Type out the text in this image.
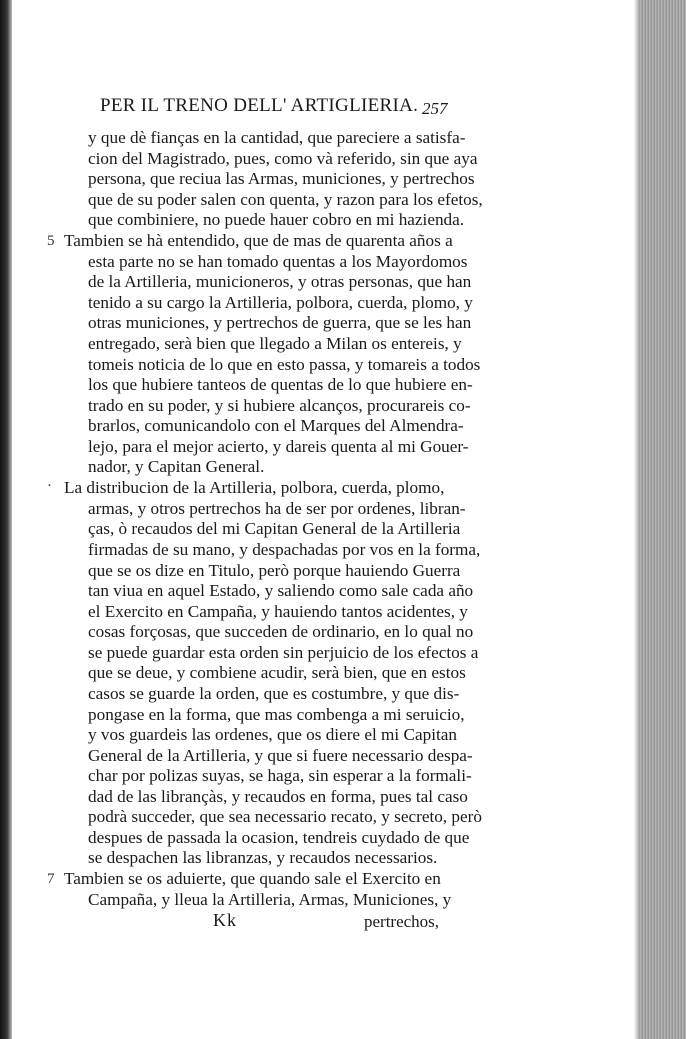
PER IL TRENO DELL' ARTIGLIERIA. 257
y que dè fianças en la cantidad, que pareciere a satisfa-
cion del Magistrado, pues, como và referido, sin que aya
persona, que reciua las Armas, municiones, y pertrechos
que de su poder salen con quenta, y razon para los efetos,
que combiniere, no puede hauer cobro en mi hazienda.
5 Tambien se hà entendido, que de mas de quarenta años a
esta parte no se han tomado quentas a los Mayordomos
de la Artilleria, municioneros, y otras personas, que han
tenido a su cargo la Artilleria, polbora, cuerda, plomo, y
otras municiones, y pertrechos de guerra, que se les han
entregado, serà bien que llegado a Milan os entereis, y
tomeis noticia de lo que en esto passa, y tomareis a todos
los que hubiere tanteos de quentas de lo que hubiere en-
trado en su poder, y si hubiere alcanços, procurareis co-
brarlos, comunicandolo con el Marques del Almendra-
lejo, para el mejor acierto, y dareis quenta al mi Gouer-
nador, y Capitan General.
· La distribucion de la Artilleria, polbora, cuerda, plomo,
armas, y otros pertrechos ha de ser por ordenes, libran-
ças, ò recaudos del mi Capitan General de la Artilleria
firmadas de su mano, y despachadas por vos en la forma,
que se os dize en Titulo, però porque hauiendo Guerra
tan viua en aquel Estado, y saliendo como sale cada año
el Exercito en Campaña, y hauiendo tantos acidentes, y
cosas forçosas, que succeden de ordinario, en lo qual no
se puede guardar esta orden sin perjuicio de los efectos a
que se deue, y combiene acudir, serà bien, que en estos
casos se guarde la orden, que es costumbre, y que dis-
pongase en la forma, que mas combenga a mi seruicio,
y vos guardeis las ordenes, que os diere el mi Capitan
General de la Artilleria, y que si fuere necessario despa-
char por polizas suyas, se haga, sin esperar a la formali-
dad de las librançàs, y recaudos en forma, pues tal caso
podrà succeder, que sea necessario recato, y secreto, però
despues de passada la ocasion, tendreis cuydado de que
se despachen las libranzas, y recaudos necessarios.
7 Tambien se os aduierte, que quando sale el Exercito en
Campaña, y lleua la Artilleria, Armas, Municiones, y
Kk	pertrechos,
